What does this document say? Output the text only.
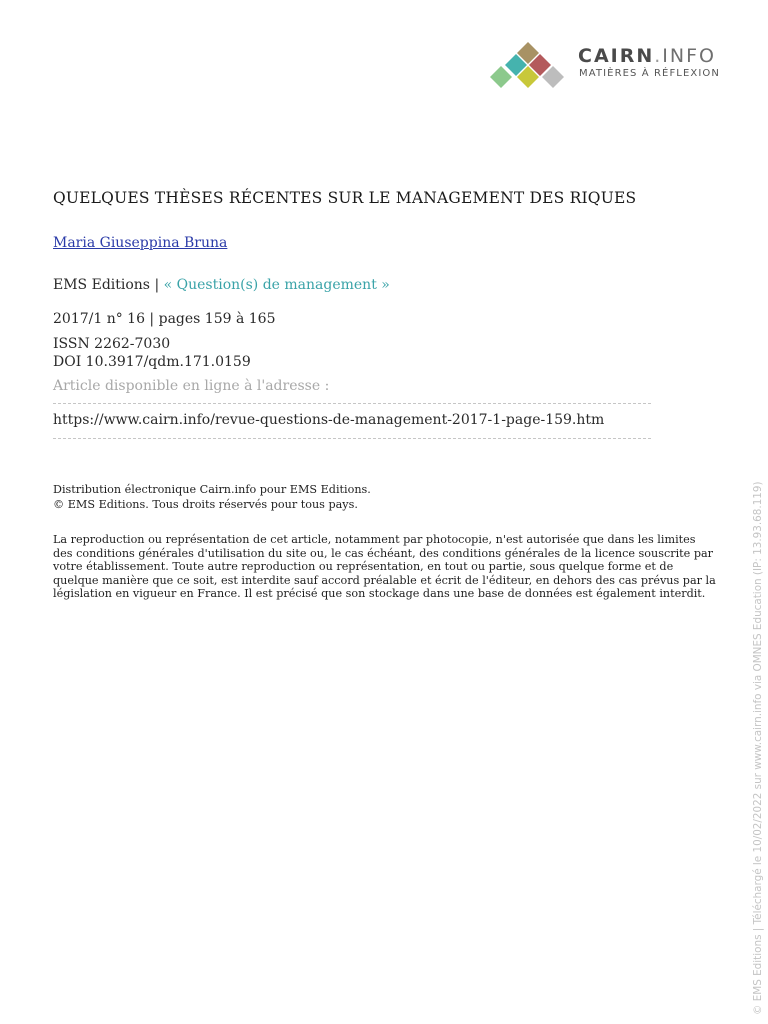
CAIRN.INFO
MATIÈRES À RÉFLEXION
QUELQUES THÈSES RÉCENTES SUR LE MANAGEMENT DES RIQUES
Maria Giuseppina Bruna
EMS Editions | « Question(s) de management »
2017/1 n° 16 | pages 159 à 165
ISSN 2262-7030
DOI 10.3917/qdm.171.0159
Article disponible en ligne à l'adresse :
https://www.cairn.info/revue-questions-de-management-2017-1-page-159.htm
Distribution électronique Cairn.info pour EMS Editions.
© EMS Editions. Tous droits réservés pour tous pays.
La reproduction ou représentation de cet article, notamment par photocopie, n'est autorisée que dans les limites des conditions générales d'utilisation du site ou, le cas échéant, des conditions générales de la licence souscrite par votre établissement. Toute autre reproduction ou représentation, en tout ou partie, sous quelque forme et de quelque manière que ce soit, est interdite sauf accord préalable et écrit de l'éditeur, en dehors des cas prévus par la législation en vigueur en France. Il est précisé que son stockage dans une base de données est également interdit.	© EMS Editions | Téléchargé le 10/02/2022 sur www.cairn.info via OMNES Education (IP: 13.93.68.119)
